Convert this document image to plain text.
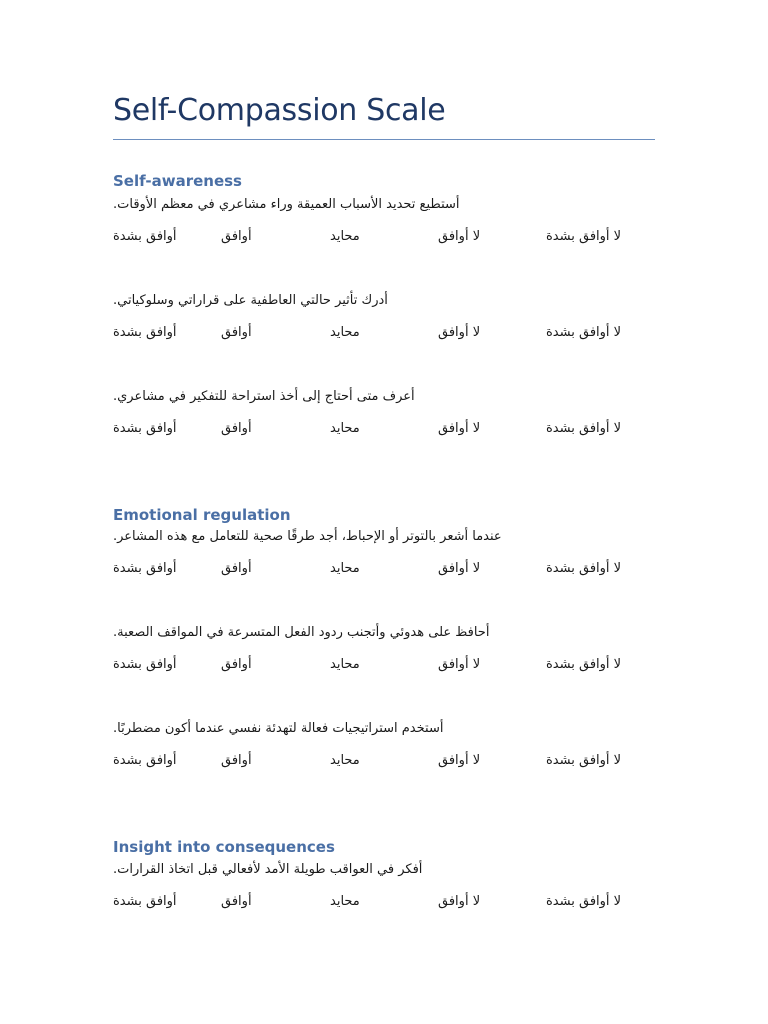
Self-Compassion Scale
Self-awareness
أستطيع تحديد الأسباب العميقة وراء مشاعري في معظم الأوقات.
أوافق بشدة	أوافق	محايد	لا أوافق	لا أوافق بشدة
أدرك تأثير حالتي العاطفية على قراراتي وسلوكياتي.
أوافق بشدة	أوافق	محايد	لا أوافق	لا أوافق بشدة
أعرف متى أحتاج إلى أخذ استراحة للتفكير في مشاعري.
أوافق بشدة	أوافق	محايد	لا أوافق	لا أوافق بشدة
Emotional regulation
عندما أشعر بالتوتر أو الإحباط، أجد طرقًا صحية للتعامل مع هذه المشاعر.
أوافق بشدة	أوافق	محايد	لا أوافق	لا أوافق بشدة
أحافظ على هدوئي وأتجنب ردود الفعل المتسرعة في المواقف الصعبة.
أوافق بشدة	أوافق	محايد	لا أوافق	لا أوافق بشدة
أستخدم استراتيجيات فعالة لتهدئة نفسي عندما أكون مضطربًا.
أوافق بشدة	أوافق	محايد	لا أوافق	لا أوافق بشدة
Insight into consequences
أفكر في العواقب طويلة الأمد لأفعالي قبل اتخاذ القرارات.
أوافق بشدة	أوافق	محايد	لا أوافق	لا أوافق بشدة
